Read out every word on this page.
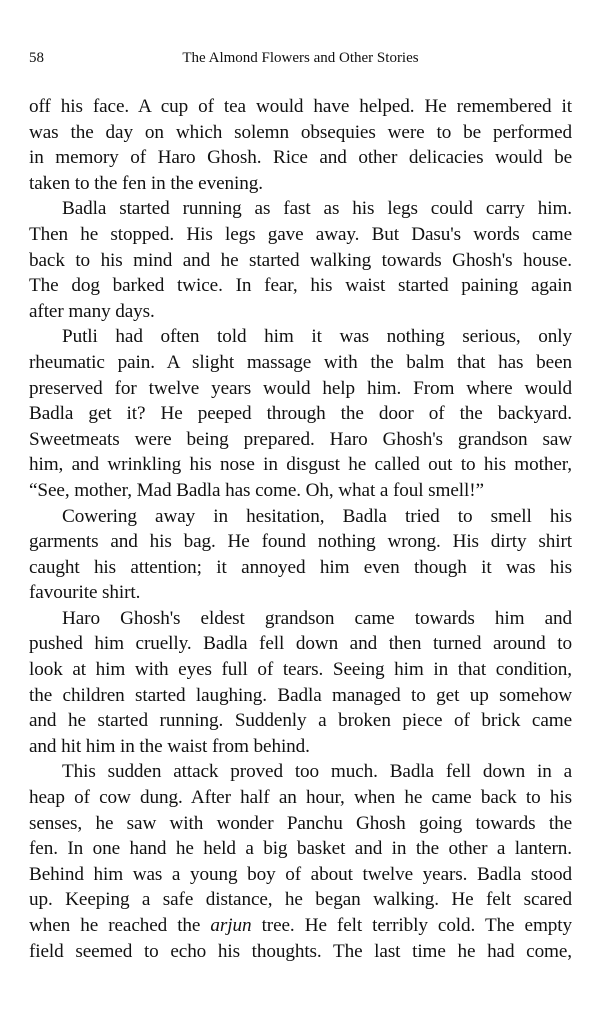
58	The Almond Flowers and Other Stories
off his face. A cup of tea would have helped. He remembered it
was the day on which solemn obsequies were to be performed
in memory of Haro Ghosh. Rice and other delicacies would be
taken to the fen in the evening.
Badla started running as fast as his legs could carry him.
Then he stopped. His legs gave away. But Dasu's words came
back to his mind and he started walking towards Ghosh's house.
The dog barked twice. In fear, his waist started paining again
after many days.
Putli had often told him it was nothing serious, only
rheumatic pain. A slight massage with the balm that has been
preserved for twelve years would help him. From where would
Badla get it? He peeped through the door of the backyard.
Sweetmeats were being prepared. Haro Ghosh's grandson saw
him, and wrinkling his nose in disgust he called out to his mother,
“See, mother, Mad Badla has come. Oh, what a foul smell!”
Cowering away in hesitation, Badla tried to smell his
garments and his bag. He found nothing wrong. His dirty shirt
caught his attention; it annoyed him even though it was his
favourite shirt.
Haro Ghosh's eldest grandson came towards him and
pushed him cruelly. Badla fell down and then turned around to
look at him with eyes full of tears. Seeing him in that condition,
the children started laughing. Badla managed to get up somehow
and he started running. Suddenly a broken piece of brick came
and hit him in the waist from behind.
This sudden attack proved too much. Badla fell down in a
heap of cow dung. After half an hour, when he came back to his
senses, he saw with wonder Panchu Ghosh going towards the
fen. In one hand he held a big basket and in the other a lantern.
Behind him was a young boy of about twelve years. Badla stood
up. Keeping a safe distance, he began walking. He felt scared
when he reached the arjun tree. He felt terribly cold. The empty
field seemed to echo his thoughts. The last time he had come,
